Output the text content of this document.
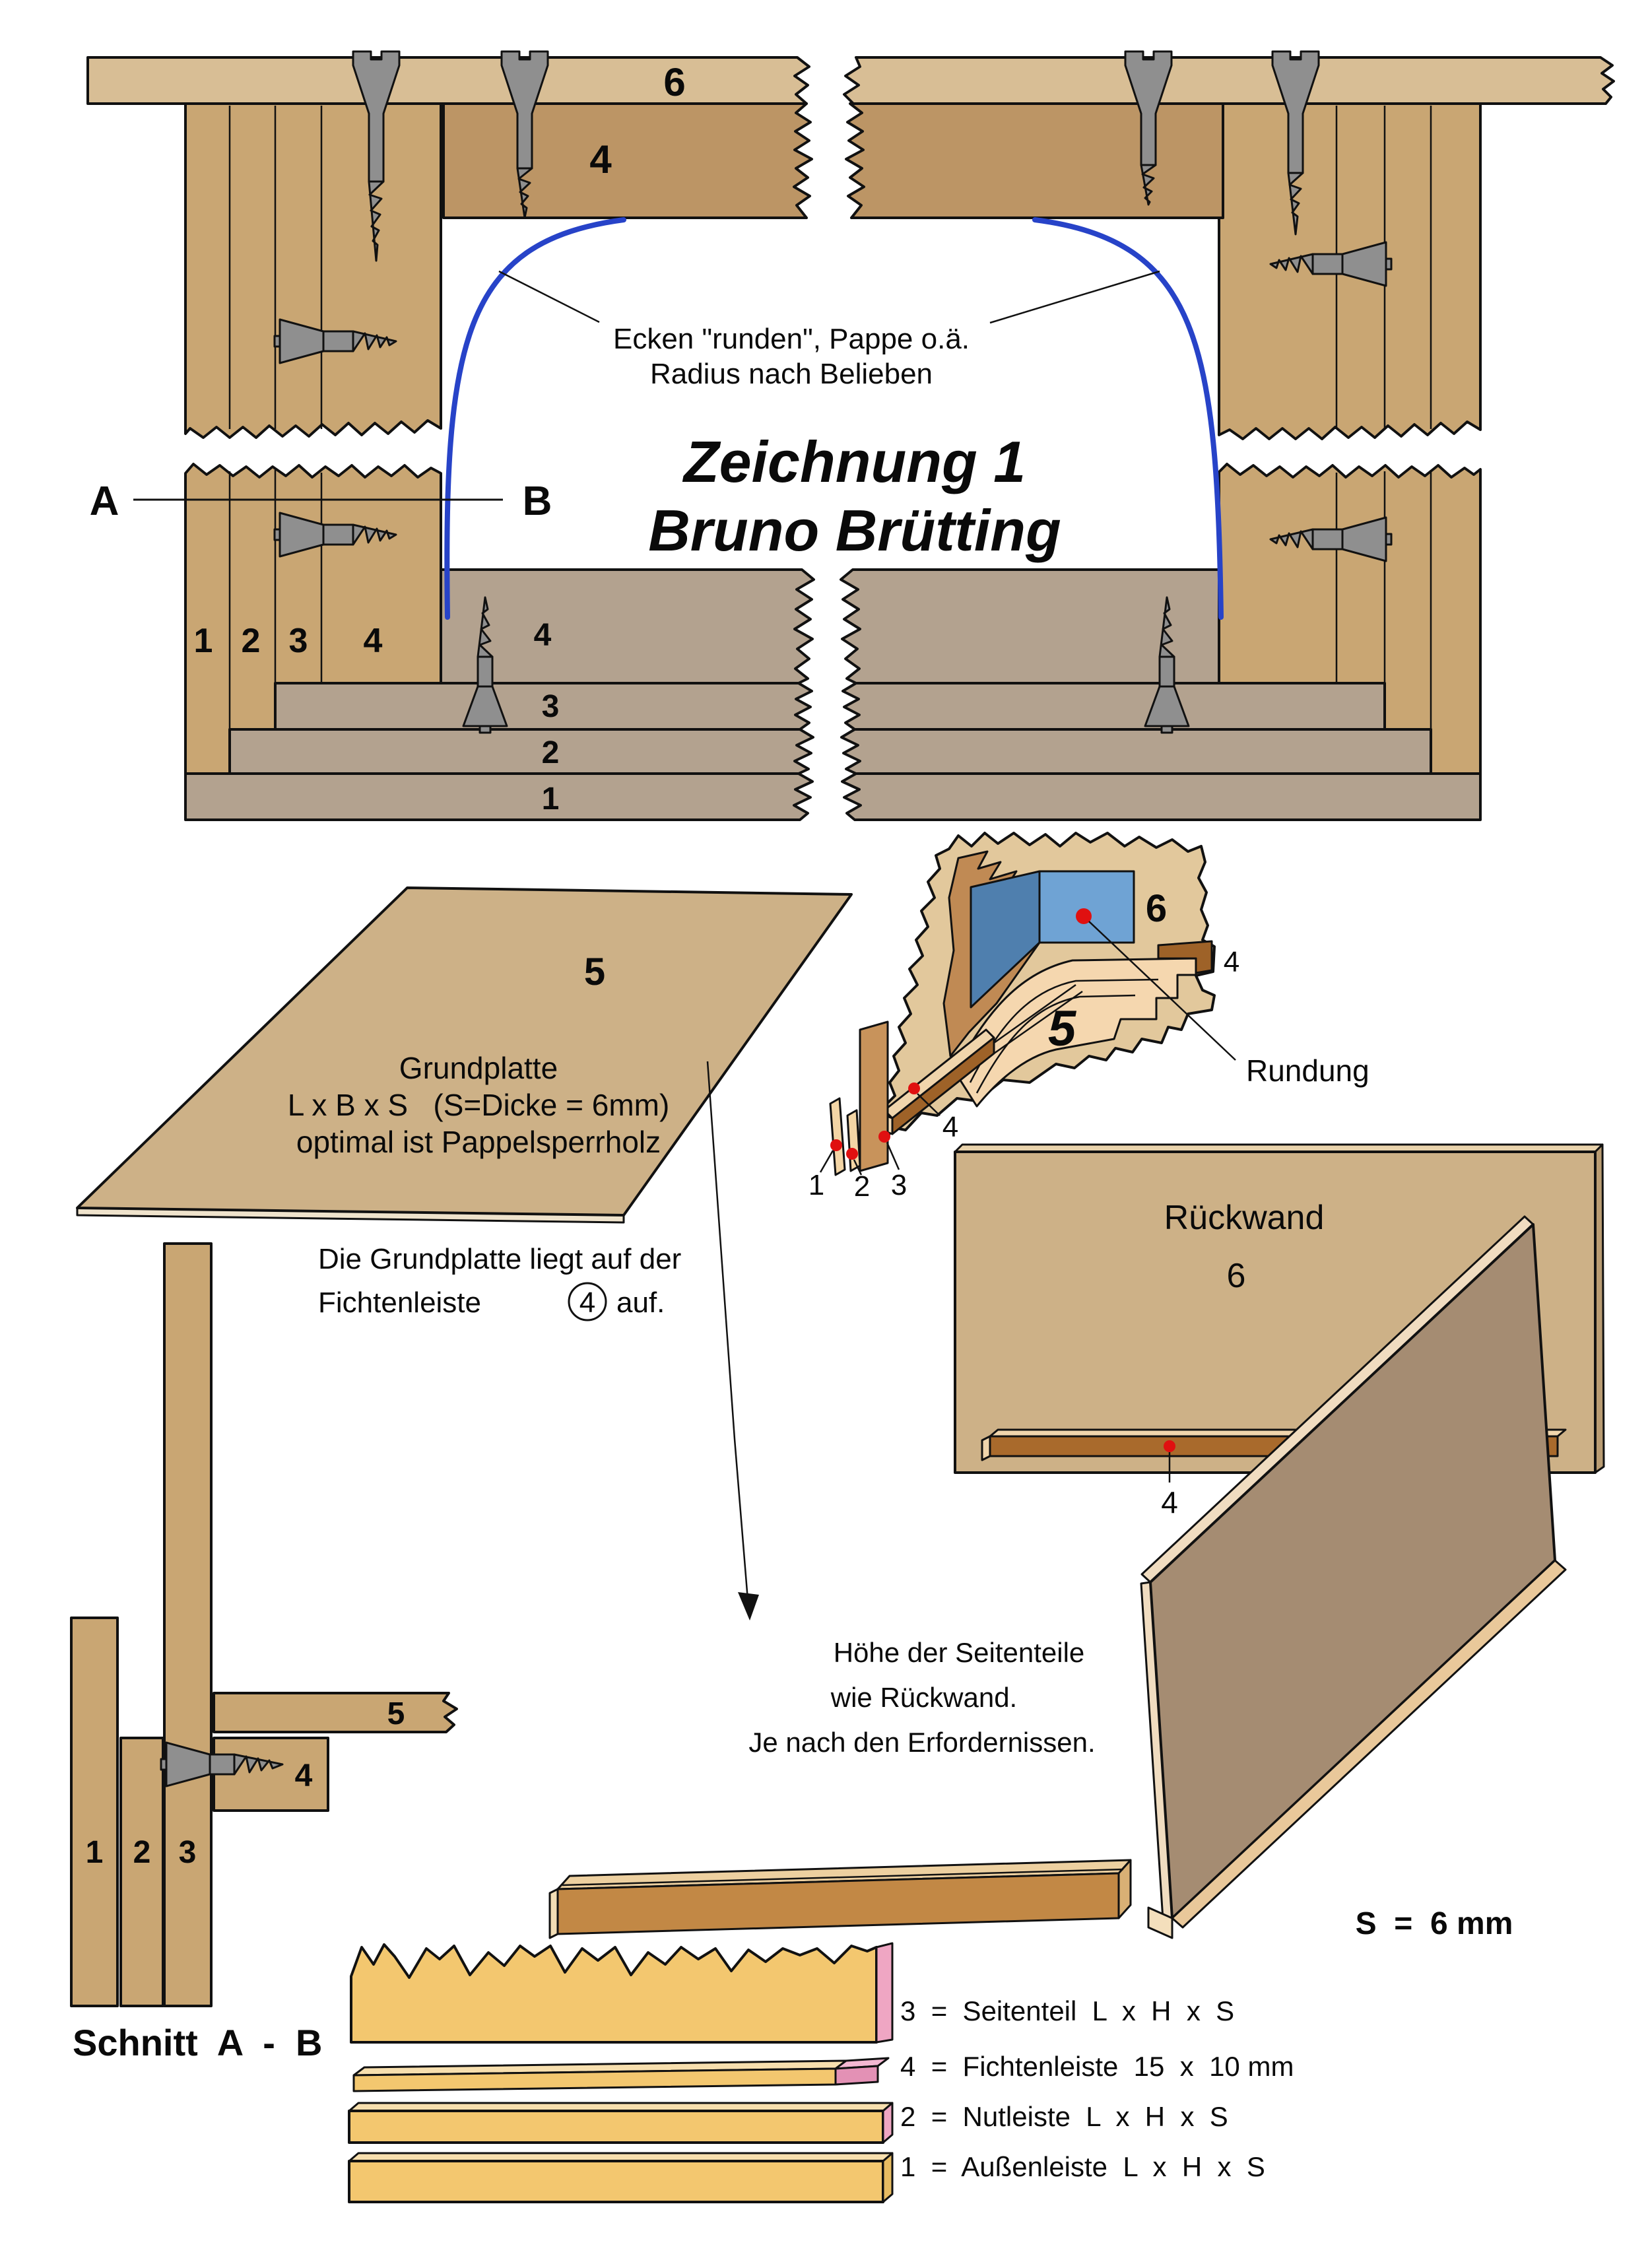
A	B
6
4
1 2 3 4	4
3
2
1
Ecken "runden", Pappe o.ä.
Radius nach Belieben
Zeichnung 1
Bruno Brütting
5
Grundplatte
L x B x S   (S=Dicke = 6mm)
optimal ist Pappelsperrholz
Die Grundplatte liegt auf der
Fichtenleiste	4 auf.
6
5
4
4
1 2 3
Rundung
Rückwand
6
4
Höhe der Seitenteile
wie Rückwand.
Je nach den Erfordernissen.
S  =  6 mm
1 2 3
5
4
Schnitt  A  -  B
3  =  Seitenteil  L  x  H  x  S
4  =  Fichtenleiste  15  x  10 mm
2  =  Nutleiste  L  x  H  x  S
1  =  Außenleiste  L  x  H  x  S
